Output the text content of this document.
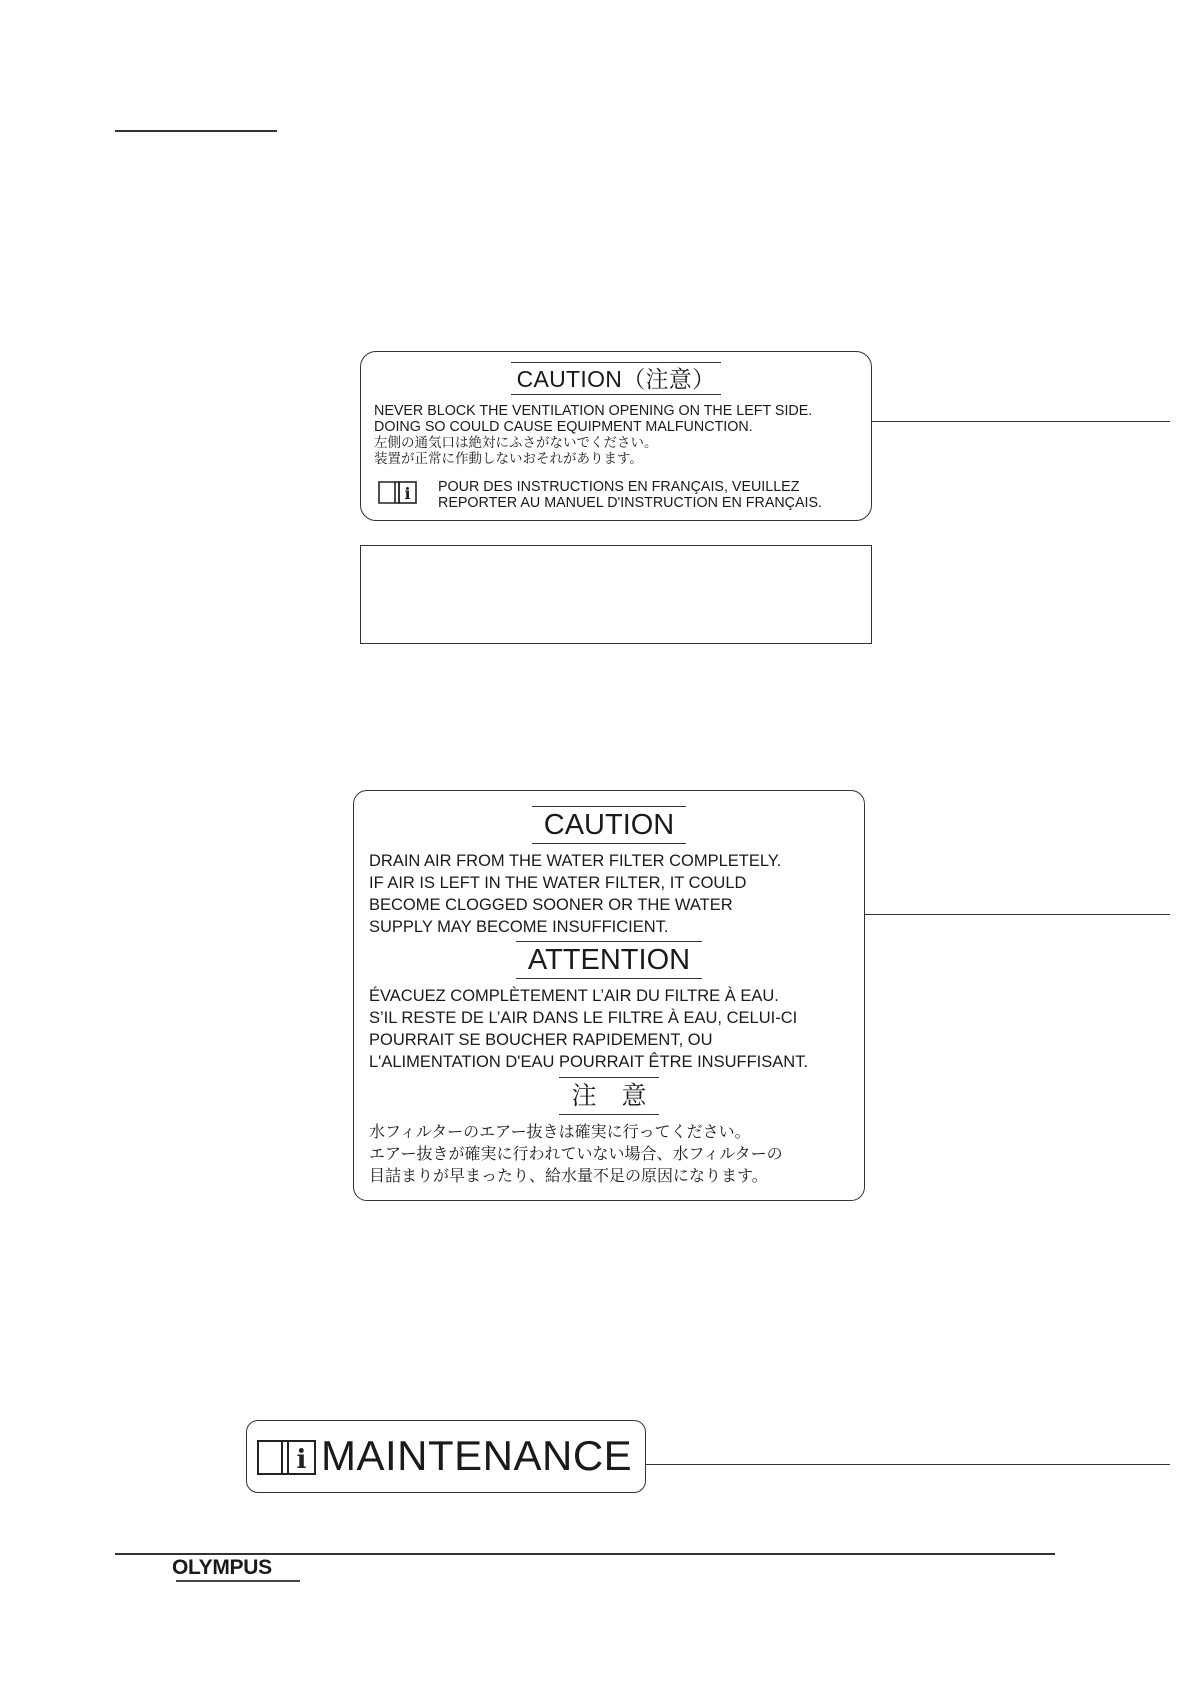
CAUTION（注意）
NEVER BLOCK THE VENTILATION OPENING ON THE LEFT SIDE.
DOING SO COULD CAUSE EQUIPMENT MALFUNCTION.
左側の通気口は絶対にふさがないでください。
装置が正常に作動しないおそれがあります。
i POUR DES INSTRUCTIONS EN FRANÇAIS, VEUILLEZ
REPORTER AU MANUEL D'INSTRUCTION EN FRANÇAIS.
CAUTION
DRAIN AIR FROM THE WATER FILTER COMPLETELY.
IF AIR IS LEFT IN THE WATER FILTER, IT COULD
BECOME CLOGGED SOONER OR THE WATER
SUPPLY MAY BECOME INSUFFICIENT.
ATTENTION
ÉVACUEZ COMPLÈTEMENT L’AIR DU FILTRE À EAU.
S’IL RESTE DE L’AIR DANS LE FILTRE À EAU, CELUI-CI
POURRAIT SE BOUCHER RAPIDEMENT, OU
L'ALIMENTATION D'EAU POURRAIT ÊTRE INSUFFISANT.
注　意
水フィルターのエアー抜きは確実に行ってください。
エアー抜きが確実に行われていない場合、水フィルターの
目詰まりが早まったり、給水量不足の原因になります。
i MAINTENANCE
OLYMPUS
